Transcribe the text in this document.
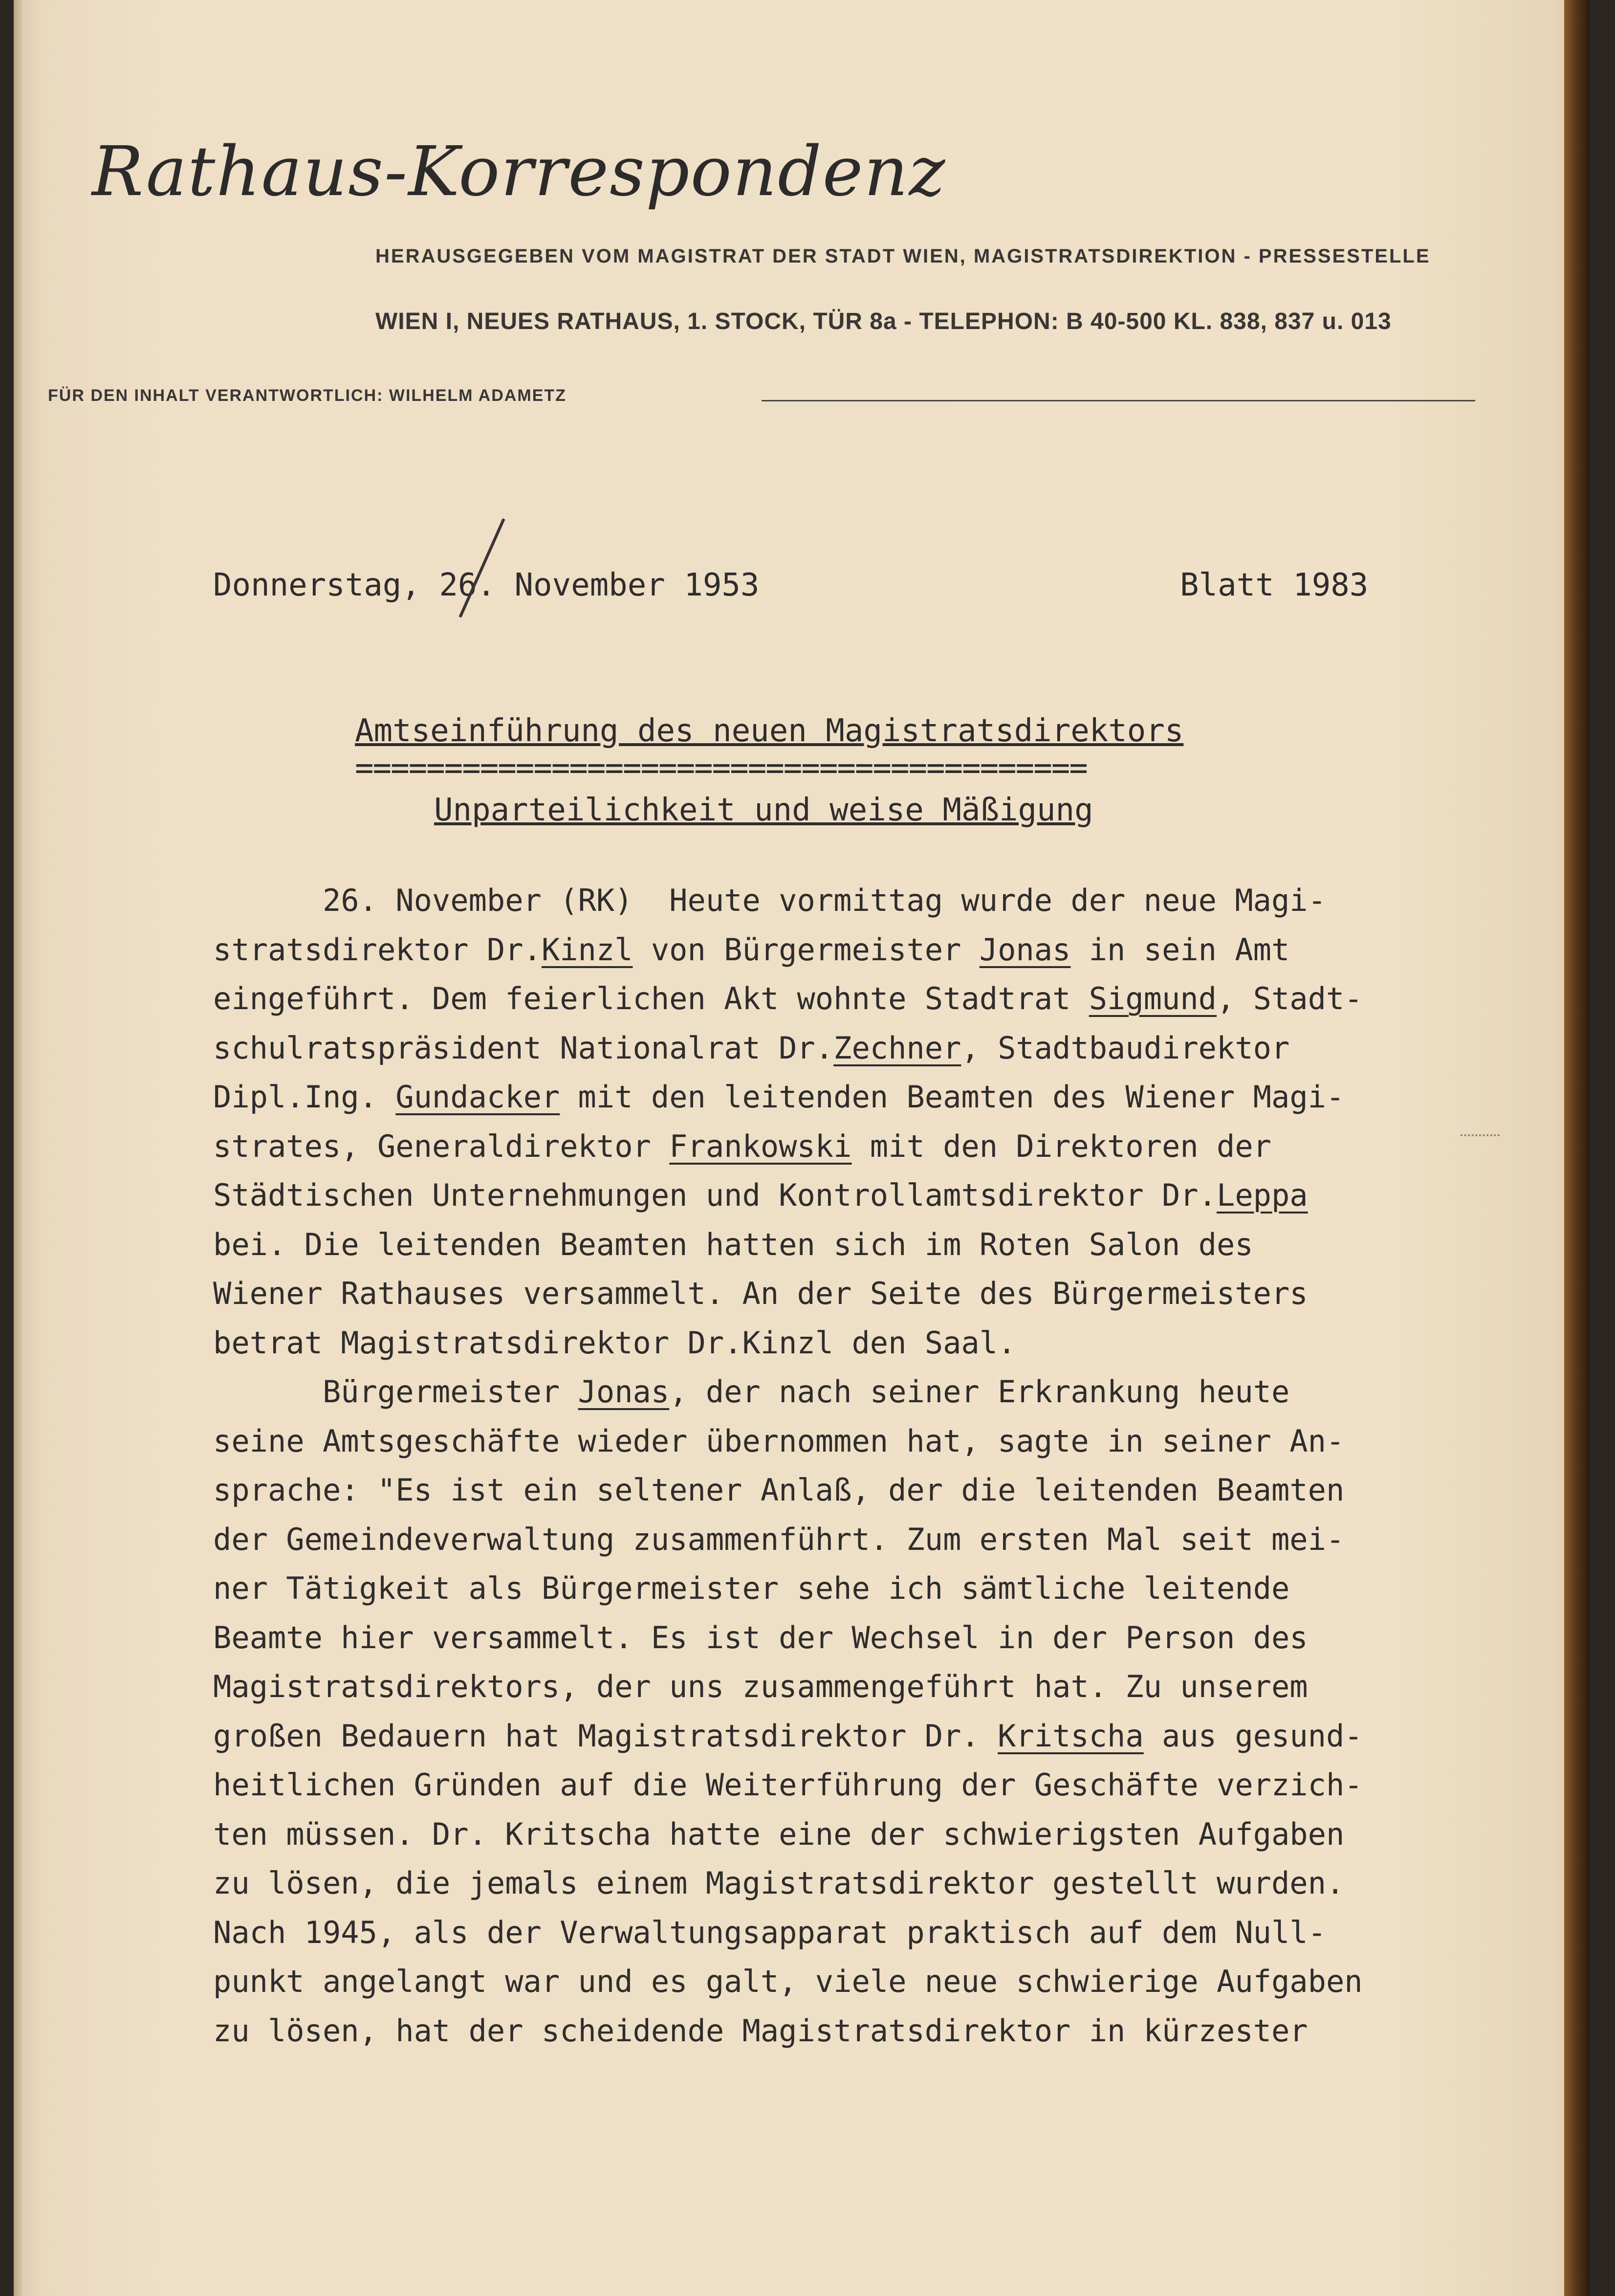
Rathaus-Korrespondenz
HERAUSGEGEBEN VOM MAGISTRAT DER STADT WIEN, MAGISTRATSDIREKTION - PRESSESTELLE
WIEN I, NEUES RATHAUS, 1. STOCK, TÜR 8a - TELEPHON: B 40-500 KL. 838, 837 u. 013
FÜR DEN INHALT VERANTWORTLICH: WILHELM ADAMETZ
Donnerstag, 26. November 1953	Blatt 1983
Amtseinführung des neuen Magistratsdirektors
=========================================
Unparteilichkeit und weise Mäßigung
26. November (RK)  Heute vormittag wurde der neue Magi-
stratsdirektor Dr.Kinzl von Bürgermeister Jonas in sein Amt
eingeführt. Dem feierlichen Akt wohnte Stadtrat Sigmund, Stadt-
schulratspräsident Nationalrat Dr.Zechner, Stadtbaudirektor
Dipl.Ing. Gundacker mit den leitenden Beamten des Wiener Magi-
strates, Generaldirektor Frankowski mit den Direktoren der
Städtischen Unternehmungen und Kontrollamtsdirektor Dr.Leppa
bei. Die leitenden Beamten hatten sich im Roten Salon des
Wiener Rathauses versammelt. An der Seite des Bürgermeisters
betrat Magistratsdirektor Dr.Kinzl den Saal.
Bürgermeister Jonas, der nach seiner Erkrankung heute
seine Amtsgeschäfte wieder übernommen hat, sagte in seiner An-
sprache: "Es ist ein seltener Anlaß, der die leitenden Beamten
der Gemeindeverwaltung zusammenführt. Zum ersten Mal seit mei-
ner Tätigkeit als Bürgermeister sehe ich sämtliche leitende
Beamte hier versammelt. Es ist der Wechsel in der Person des
Magistratsdirektors, der uns zusammengeführt hat. Zu unserem
großen Bedauern hat Magistratsdirektor Dr. Kritscha aus gesund-
heitlichen Gründen auf die Weiterführung der Geschäfte verzich-
ten müssen. Dr. Kritscha hatte eine der schwierigsten Aufgaben
zu lösen, die jemals einem Magistratsdirektor gestellt wurden.
Nach 1945, als der Verwaltungsapparat praktisch auf dem Null-
punkt angelangt war und es galt, viele neue schwierige Aufgaben
zu lösen, hat der scheidende Magistratsdirektor in kürzester
